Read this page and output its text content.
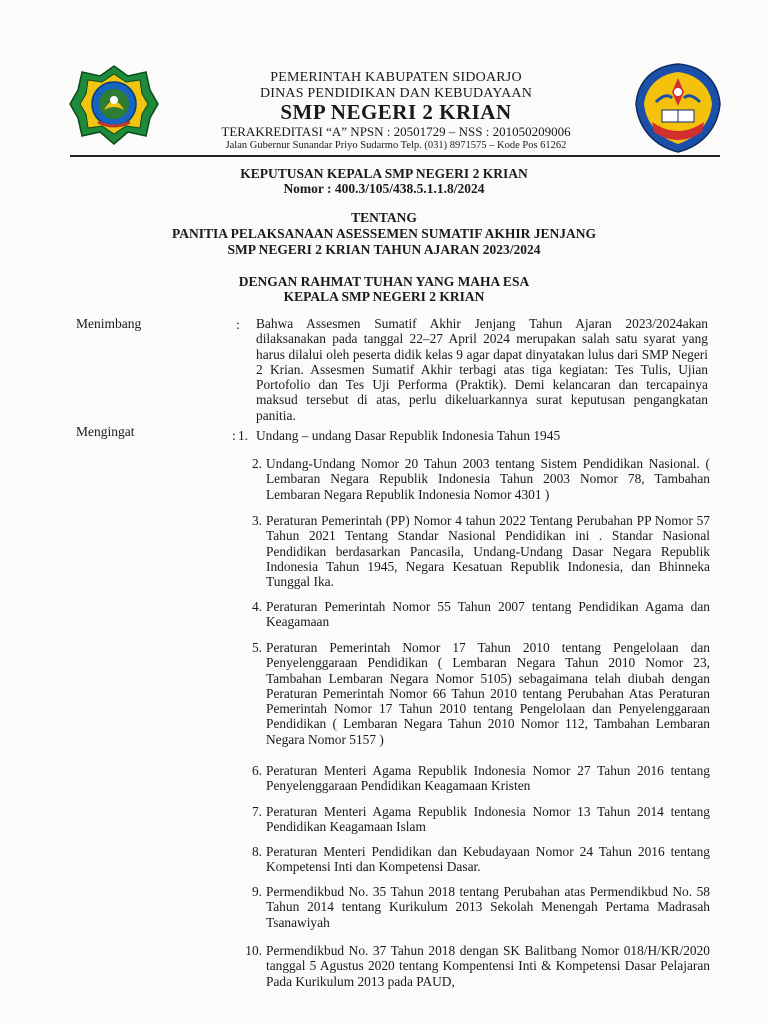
PEMERINTAH KABUPATEN SIDOARJO
DINAS PENDIDIKAN DAN KEBUDAYAAN
SMP NEGERI 2 KRIAN
TERAKREDITASI “A” NPSN : 20501729 – NSS : 201050209006
Jalan Gubernur Sunandar Priyo Sudarmo Telp. (031) 8971575 – Kode Pos 61262
KEPUTUSAN KEPALA SMP NEGERI 2 KRIAN
Nomor : 400.3/105/438.5.1.1.8/2024
TENTANG
PANITIA PELAKSANAAN ASESSEMEN SUMATIF AKHIR JENJANG
SMP NEGERI 2 KRIAN TAHUN AJARAN 2023/2024
DENGAN RAHMAT TUHAN YANG MAHA ESA
KEPALA SMP NEGERI 2 KRIAN
Menimbang	: Bahwa Assesmen Sumatif Akhir Jenjang Tahun Ajaran 2023/2024akan dilaksanakan pada tanggal 22–27 April 2024 merupakan salah satu syarat yang harus dilalui oleh peserta didik kelas 9 agar dapat dinyatakan lulus dari SMP Negeri 2 Krian. Assesmen Sumatif Akhir terbagi atas tiga kegiatan: Tes Tulis, Ujian Portofolio dan Tes Uji Performa (Praktik). Demi kelancaran dan tercapainya maksud tersebut di atas, perlu dikeluarkannya surat keputusan pengangkatan panitia.
Mengingat	: 1. Undang – undang Dasar Republik Indonesia Tahun 1945
2. Undang-Undang Nomor 20 Tahun 2003 tentang Sistem Pendidikan Nasional. ( Lembaran Negara Republik Indonesia Tahun 2003 Nomor 78, Tambahan Lembaran Negara Republik Indonesia Nomor 4301 )
3. Peraturan Pemerintah (PP) Nomor 4 tahun 2022 Tentang Perubahan PP Nomor 57 Tahun 2021 Tentang Standar Nasional Pendidikan ini . Standar Nasional Pendidikan berdasarkan Pancasila, Undang-Undang Dasar Negara Republik Indonesia Tahun 1945, Negara Kesatuan Republik Indonesia, dan Bhinneka Tunggal Ika.
4. Peraturan Pemerintah Nomor 55 Tahun 2007 tentang Pendidikan Agama dan Keagamaan
5. Peraturan Pemerintah Nomor 17 Tahun 2010 tentang Pengelolaan dan Penyelenggaraan Pendidikan ( Lembaran Negara Tahun 2010 Nomor 23, Tambahan Lembaran Negara Nomor 5105) sebagaimana telah diubah dengan Peraturan Pemerintah Nomor 66 Tahun 2010 tentang Perubahan Atas Peraturan Pemerintah Nomor 17 Tahun 2010 tentang Pengelolaan dan Penyelenggaraan Pendidikan ( Lembaran Negara Tahun 2010 Nomor 112, Tambahan Lembaran Negara Nomor 5157 )
6. Peraturan Menteri Agama Republik Indonesia Nomor 27 Tahun 2016 tentang Penyelenggaraan Pendidikan Keagamaan Kristen
7. Peraturan Menteri Agama Republik Indonesia Nomor 13 Tahun 2014 tentang Pendidikan Keagamaan Islam
8. Peraturan Menteri Pendidikan dan Kebudayaan Nomor 24 Tahun 2016 tentang Kompetensi Inti dan Kompetensi Dasar.
9. Permendikbud No. 35 Tahun 2018 tentang Perubahan atas Permendikbud No. 58 Tahun 2014 tentang Kurikulum 2013 Sekolah Menengah Pertama Madrasah Tsanawiyah
10. Permendikbud No. 37 Tahun 2018 dengan SK Balitbang Nomor 018/H/KR/2020 tanggal 5 Agustus 2020 tentang Kompentensi Inti & Kompetensi Dasar Pelajaran Pada Kurikulum 2013 pada PAUD,
